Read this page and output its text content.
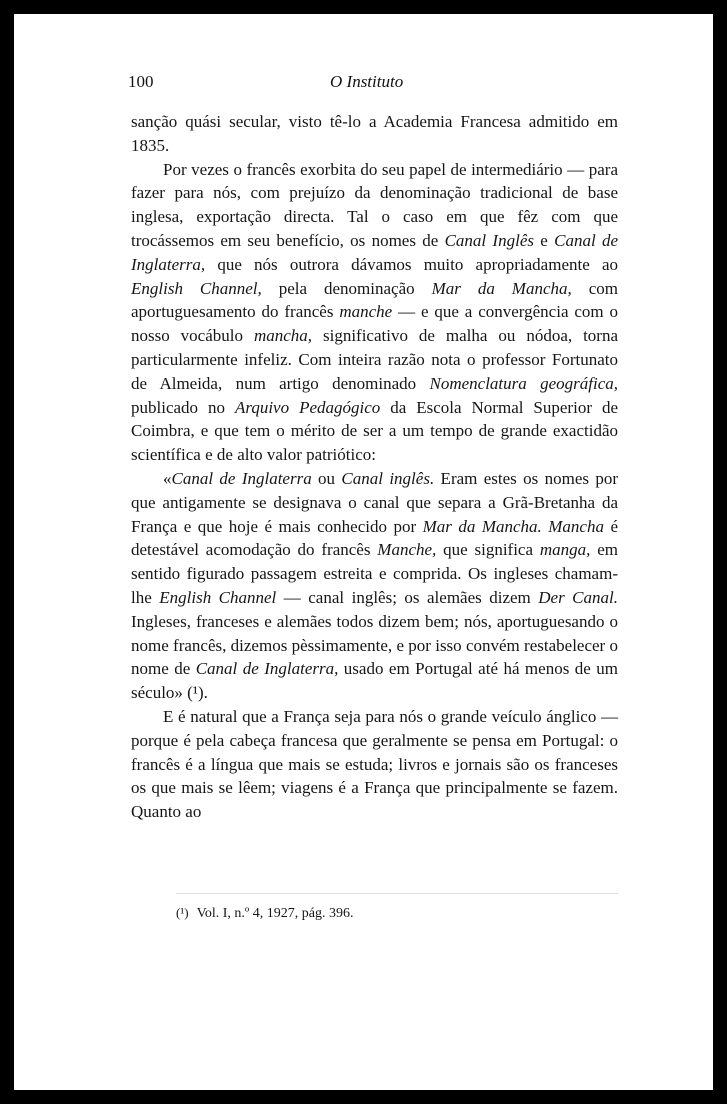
100	O Instituto

sanção quási secular, visto tê-lo a Academia Francesa admitido em 1835.

Por vezes o francês exorbita do seu papel de intermediário — para fazer para nós, com prejuízo da denominação tradicional de base inglesa, exportação directa. Tal o caso em que fêz com que trocássemos em seu benefício, os nomes de Canal Inglês e Canal de Inglaterra, que nós outrora dávamos muito apropriadamente ao English Channel, pela denominação Mar da Mancha, com aportuguesamento do francês manche — e que a convergência com o nosso vocábulo mancha, significativo de malha ou nódoa, torna particularmente infeliz. Com inteira razão nota o professor Fortunato de Almeida, num artigo denominado Nomenclatura geográfica, publicado no Arquivo Pedagógico da Escola Normal Superior de Coimbra, e que tem o mérito de ser a um tempo de grande exactidão scientífica e de alto valor patriótico:

«Canal de Inglaterra ou Canal inglês. Eram estes os nomes por que antigamente se designava o canal que separa a Grã-Bretanha da França e que hoje é mais conhecido por Mar da Mancha. Mancha é detestável acomodação do francês Manche, que significa manga, em sentido figurado passagem estreita e comprida. Os ingleses chamam-lhe English Channel — canal inglês; os alemães dizem Der Canal. Ingleses, franceses e alemães todos dizem bem; nós, aportuguesando o nome francês, dizemos pèssimamente, e por isso convém restabelecer o nome de Canal de Inglaterra, usado em Portugal até há menos de um século» (¹).

E é natural que a França seja para nós o grande veículo ánglico — porque é pela cabeça francesa que geralmente se pensa em Portugal: o francês é a língua que mais se estuda; livros e jornais são os franceses os que mais se lêem; viagens é a França que principalmente se fazem. Quanto ao

(¹) Vol. I, n.º 4, 1927, pág. 396.
